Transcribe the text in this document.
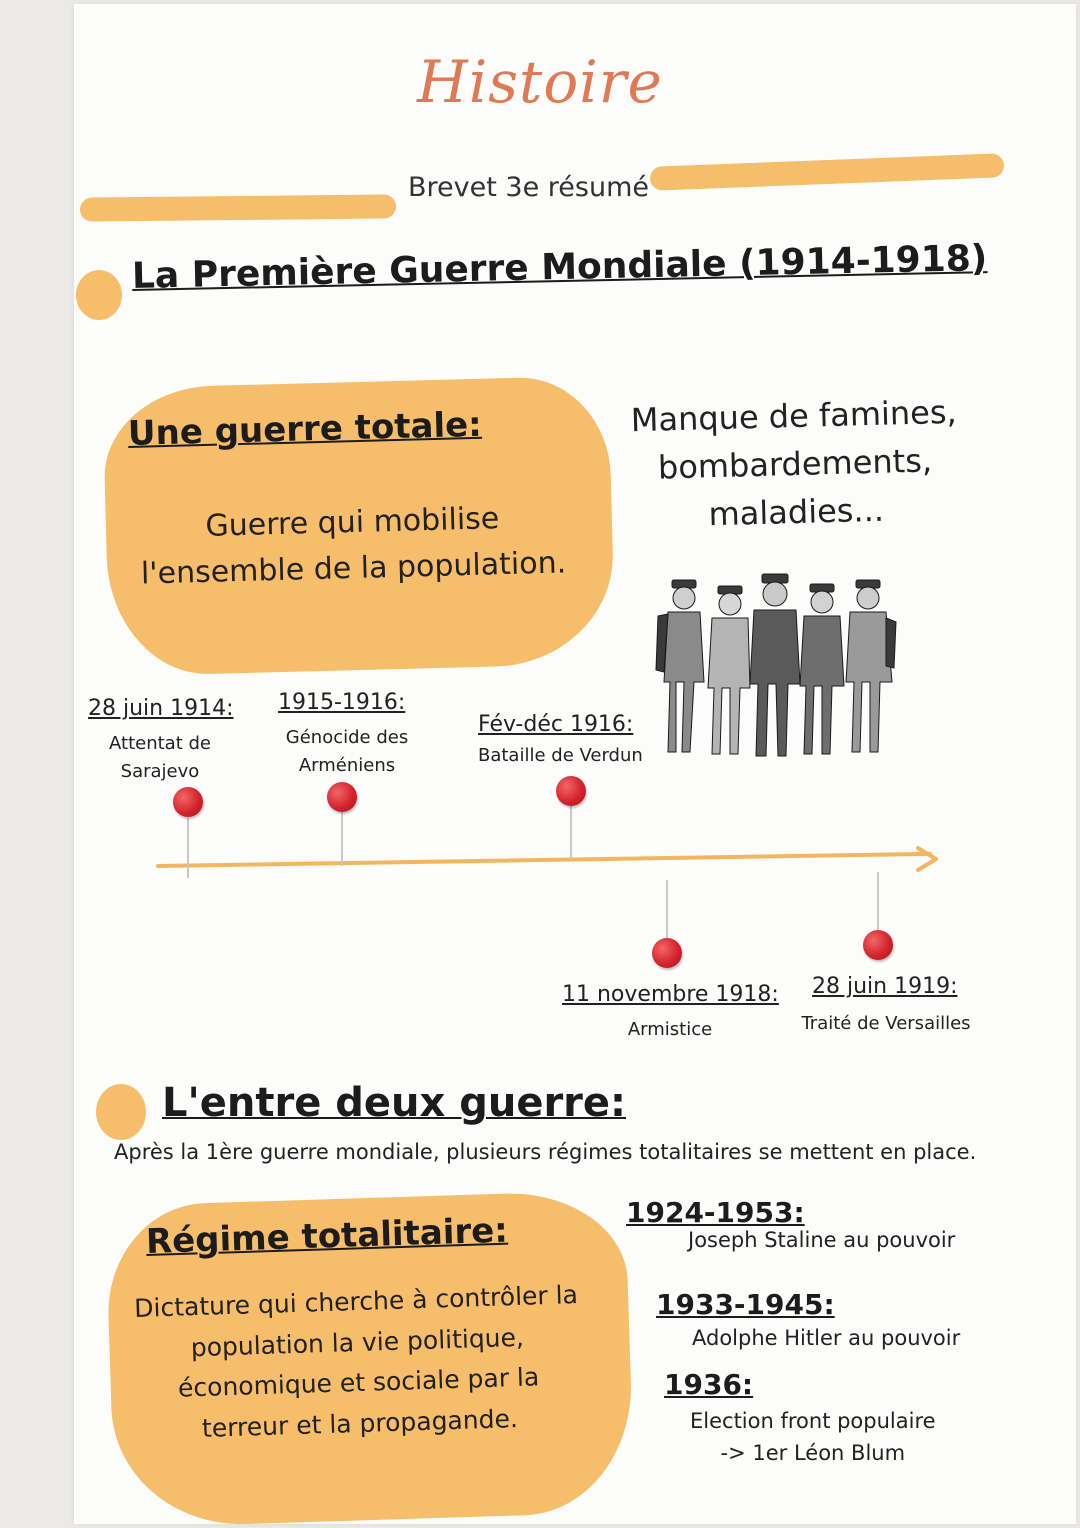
Histoire
Brevet 3e résumé
La Première Guerre Mondiale (1914-1918)
Une guerre totale:
Guerre qui mobilise
l'ensemble de la population.
Manque de famines,
bombardements,
maladies...
28 juin 1914:
Attentat de
Sarajevo
1915-1916:
Génocide des
Arméniens
Fév-déc 1916:
Bataille de Verdun
11 novembre 1918:
Armistice
28 juin 1919:
Traité de Versailles
L'entre deux guerre:
Après la 1ère guerre mondiale, plusieurs régimes totalitaires se mettent en place.
Régime totalitaire:
Dictature qui cherche à contrôler la
population la vie politique,
économique et sociale par la
terreur et la propagande.
1924-1953:
Joseph Staline au pouvoir
1933-1945:
Adolphe Hitler au pouvoir
1936:
Election front populaire
-> 1er Léon Blum
